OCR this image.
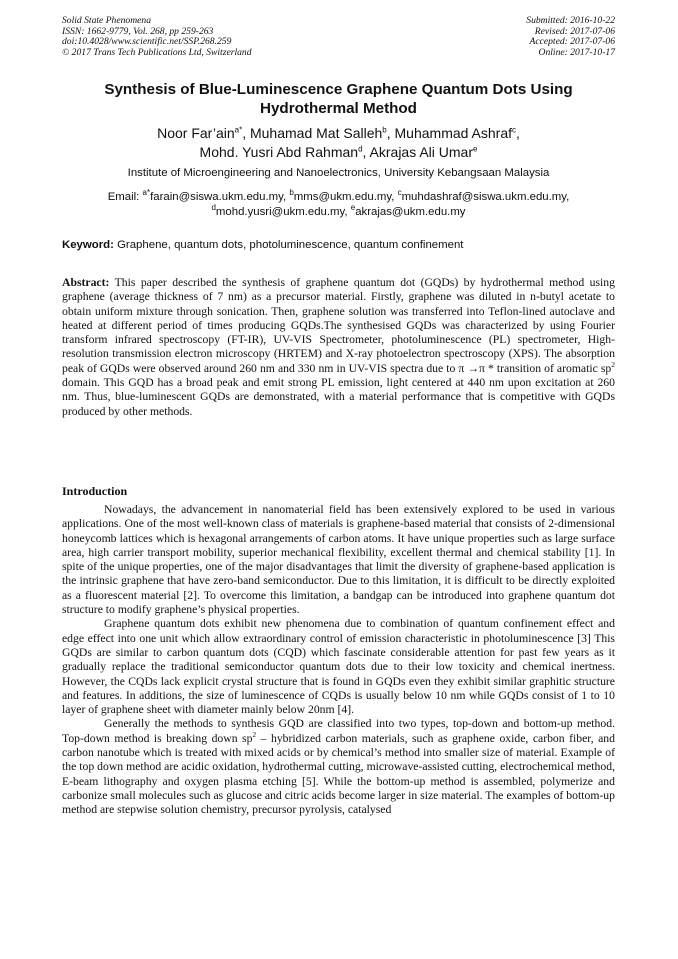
Solid State Phenomena
ISSN: 1662-9779, Vol. 268, pp 259-263
doi:10.4028/www.scientific.net/SSP.268.259
© 2017 Trans Tech Publications Ltd, Switzerland
Submitted: 2016-10-22
Revised: 2017-07-06
Accepted: 2017-07-06
Online: 2017-10-17
Synthesis of Blue-Luminescence Graphene Quantum Dots Using
Hydrothermal Method
Noor Far’ain$^{a*}$, Muhamad Mat Salleh$^b$, Muhammad Ashraf$^c$,
Mohd. Yusri Abd Rahman$^d$, Akrajas Ali Umar$^e$
Institute of Microengineering and Nanoelectronics, University Kebangsaan Malaysia
Email: $^{a*}$farain@siswa.ukm.edu.my, $^b$mms@ukm.edu.my, $^c$muhdashraf@siswa.ukm.edu.my,
$^d$mohd.yusri@ukm.edu.my, $^e$akrajas@ukm.edu.my
Keyword: Graphene, quantum dots, photoluminescence, quantum confinement
Abstract: This paper described the synthesis of graphene quantum dot (GQDs) by hydrothermal method using graphene (average thickness of 7 nm) as a precursor material. Firstly, graphene was diluted in n-butyl acetate to obtain uniform mixture through sonication. Then, graphene solution was transferred into Teflon-lined autoclave and heated at different period of times producing GQDs.The synthesised GQDs was characterized by using Fourier transform infrared spectroscopy (FT-IR), UV-VIS Spectrometer, photoluminescence (PL) spectrometer, High-resolution transmission electron microscopy (HRTEM) and X-ray photoelectron spectroscopy (XPS). The absorption peak of GQDs were observed around 260 nm and 330 nm in UV-VIS spectra due to π →π * transition of aromatic $sp^2$ domain. This GQD has a broad peak and emit strong PL emission, light centered at 440 nm upon excitation at 260 nm. Thus, blue-luminescent GQDs are demonstrated, with a material performance that is competitive with GQDs produced by other methods.
Introduction

Nowadays, the advancement in nanomaterial field has been extensively explored to be used in various applications. One of the most well-known class of materials is graphene-based material that consists of 2-dimensional honeycomb lattices which is hexagonal arrangements of carbon atoms. It have unique properties such as large surface area, high carrier transport mobility, superior mechanical flexibility, excellent thermal and chemical stability [1]. In spite of the unique properties, one of the major disadvantages that limit the diversity of graphene-based application is the intrinsic graphene that have zero-band semiconductor. Due to this limitation, it is difficult to be directly exploited as a fluorescent material [2]. To overcome this limitation, a bandgap can be introduced into graphene quantum dot structure to modify graphene’s physical properties.

Graphene quantum dots exhibit new phenomena due to combination of quantum confinement effect and edge effect into one unit which allow extraordinary control of emission characteristic in photoluminescence [3] This GQDs are similar to carbon quantum dots (CQD) which fascinate considerable attention for past few years as it gradually replace the traditional semiconductor quantum dots due to their low toxicity and chemical inertness. However, the CQDs lack explicit crystal structure that is found in GQDs even they exhibit similar graphitic structure and features. In additions, the size of luminescence of CQDs is usually below 10 nm while GQDs consist of 1 to 10 layer of graphene sheet with diameter mainly below 20nm [4].

Generally the methods to synthesis GQD are classified into two types, top-down and bottom-up method. Top-down method is breaking down $sp^2$ – hybridized carbon materials, such as graphene oxide, carbon fiber, and carbon nanotube which is treated with mixed acids or by chemical’s method into smaller size of material. Example of the top down method are acidic oxidation, hydrothermal cutting, microwave-assisted cutting, electrochemical method, E-beam lithography and oxygen plasma etching [5]. While the bottom-up method is assembled, polymerize and carbonize small molecules such as glucose and citric acids become larger in size material. The examples of bottom-up method are stepwise solution chemistry, precursor pyrolysis, catalysed
